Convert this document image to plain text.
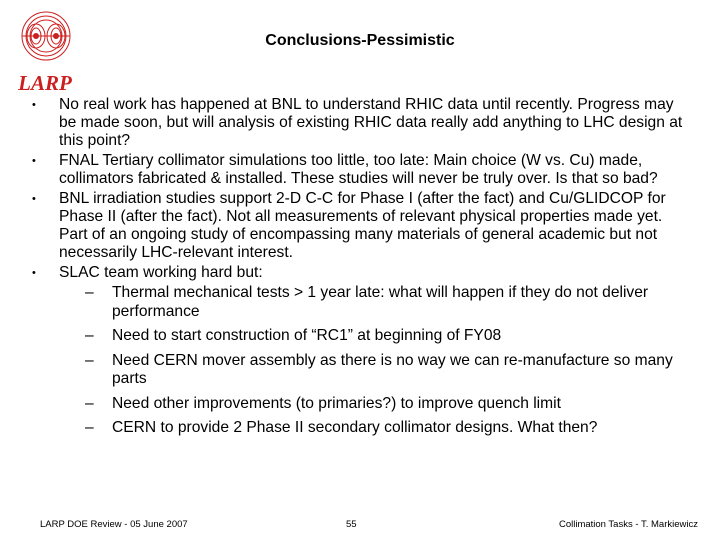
LARP
Conclusions-Pessimistic
• No real work has happened at BNL to understand RHIC data until recently. Progress may be made soon, but will analysis of existing RHIC data really add anything to LHC design at this point?
• FNAL Tertiary collimator simulations too little, too late: Main choice (W vs. Cu) made, collimators fabricated & installed. These studies will never be truly over. Is that so bad?
• BNL irradiation studies support 2-D C-C for Phase I (after the fact) and Cu/GLIDCOP for Phase II (after the fact). Not all measurements of relevant physical properties made yet. Part of an ongoing study of encompassing many materials of general academic but not necessarily LHC-relevant interest.
• SLAC team working hard but:
– Thermal mechanical tests > 1 year late: what will happen if they do not deliver performance
– Need to start construction of “RC1” at beginning of FY08
– Need CERN mover assembly as there is no way we can re-manufacture so many parts
– Need other improvements (to primaries?) to improve quench limit
– CERN to provide 2 Phase II secondary collimator designs. What then?
LARP DOE Review - 05 June 2007	55	Collimation Tasks - T. Markiewicz
